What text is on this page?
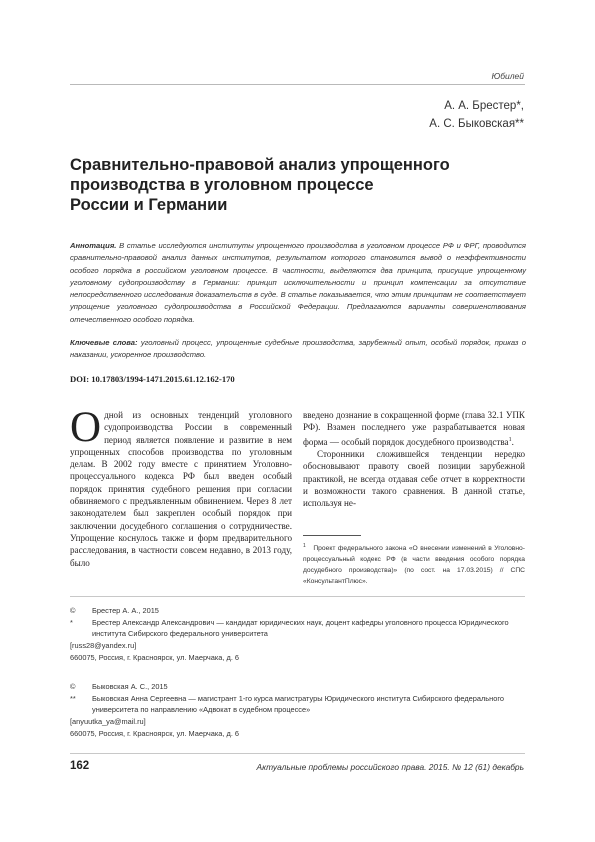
Юбилей
А. А. Брестер*,
А. С. Быковская**
Сравнительно-правовой анализ упрощенного
производства в уголовном процессе
России и Германии
Аннотация. В статье исследуются институты упрощенного производства в уголовном процессе РФ и ФРГ, проводится сравнительно-правовой анализ данных институтов, результатом которого становится вывод о неэффективности особого порядка в российском уголовном процессе. В частности, выделяются два принципа, присущие упрощенному уголовному судопроизводству в Германии: принцип исключительности и принцип компенсации за отсутствие непосредственного исследования доказательств в суде. В статье показывается, что этим принципам не соответствует упрощение уголовного судопроизводства в Российской Федерации. Предлагаются варианты совершенствования отечественного особого порядка.
Ключевые слова: уголовный процесс, упрощенные судебные производства, зарубежный опыт, особый порядок, приказ о наказании, ускоренное производство.
DOI: 10.17803/1994-1471.2015.61.12.162-170

Одной из основных тенденций уголовного судопроизводства России в современный период является появление и развитие в нем упрощенных способов производства по уголовным делам. В 2002 году вместе с принятием Уголовно-процессуального кодекса РФ был введен особый порядок принятия судебного решения при согласии обвиняемого с предъявленным обвинением. Через 8 лет законодателем был закреплен особый порядок при заключении досудебного соглашения о сотрудничестве. Упрощение коснулось также и форм предварительного расследования, в частности совсем недавно, в 2013 году, было

введено дознание в сокращенной форме (глава 32.1 УПК РФ). Взамен последнего уже разрабатывается новая форма — особый порядок досудебного производства$^1$.

Сторонники сложившейся тенденции нередко обосновывают правоту своей позиции зарубежной практикой, не всегда отдавая себе отчет в корректности и возможности такого сравнения. В данной статье, используя не-

$^1$ Проект федерального закона «О внесении изменений в Уголовно-процессуальный кодекс РФ (в части введения особого порядка досудебного производства)» (по сост. на 17.03.2015) // СПС «КонсультантПлюс».
©	Брестер А. А., 2015
*	Брестер Александр Александрович — кандидат юридических наук, доцент кафедры уголовного процесса Юридического института Сибирского федерального университета
[russ28@yandex.ru]
660075, Россия, г. Красноярск, ул. Маерчака, д. 6
©	Быковская А. С., 2015
**	Быковская Анна Сергеевна — магистрант 1-го курса магистратуры Юридического института Сибирского федерального университета по направлению «Адвокат в судебном процессе»
[anyuutka_ya@mail.ru]
660075, Россия, г. Красноярск, ул. Маерчака, д. 6
162	Актуальные проблемы российского права. 2015. № 12 (61) декабрь
